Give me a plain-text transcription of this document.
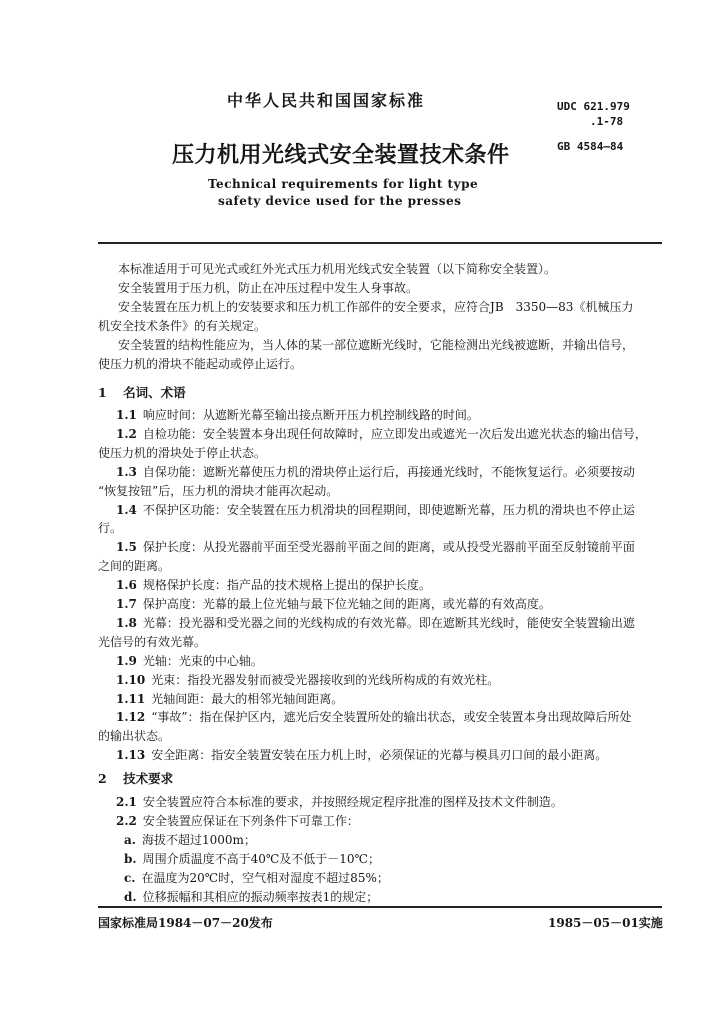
中华人民共和国国家标准	UDC 621.979
.1-78
GB 4584—84
压力机用光线式安全装置技术条件
Technical requirements for light type
safety device used for the presses
本标准适用于可见光式或红外光式压力机用光线式安全装置（以下简称安全装置）。
安全装置用于压力机，防止在冲压过程中发生人身事故。
安全装置在压力机上的安装要求和压力机工作部件的安全要求，应符合JB　3350—83《机械压力
机安全技术条件》的有关规定。
安全装置的结构性能应为，当人体的某一部位遮断光线时，它能检测出光线被遮断，并输出信号，
使压力机的滑块不能起动或停止运行。
1 名词、术语
1.1 响应时间：从遮断光幕至输出接点断开压力机控制线路的时间。
1.2 自检功能：安全装置本身出现任何故障时，应立即发出或遮光一次后发出遮光状态的输出信号，
使压力机的滑块处于停止状态。
1.3 自保功能：遮断光幕使压力机的滑块停止运行后，再接通光线时，不能恢复运行。必须要按动
“恢复按钮”后，压力机的滑块才能再次起动。
1.4 不保护区功能：安全装置在压力机滑块的回程期间，即使遮断光幕，压力机的滑块也不停止运
行。
1.5 保护长度：从投光器前平面至受光器前平面之间的距离，或从投受光器前平面至反射镜前平面
之间的距离。
1.6 规格保护长度：指产品的技术规格上提出的保护长度。
1.7 保护高度：光幕的最上位光轴与最下位光轴之间的距离，或光幕的有效高度。
1.8 光幕：投光器和受光器之间的光线构成的有效光幕。即在遮断其光线时，能使安全装置输出遮
光信号的有效光幕。
1.9 光轴：光束的中心轴。
1.10 光束：指投光器发射而被受光器接收到的光线所构成的有效光柱。
1.11 光轴间距：最大的相邻光轴间距离。
1.12 “事故”：指在保护区内，遮光后安全装置所处的输出状态，或安全装置本身出现故障后所处
的输出状态。
1.13 安全距离：指安全装置安装在压力机上时，必须保证的光幕与模具刃口间的最小距离。
2 技术要求
2.1 安全装置应符合本标准的要求，并按照经规定程序批准的图样及技术文件制造。
2.2 安全装置应保证在下列条件下可靠工作：
a. 海拔不超过1000m；
b. 周围介质温度不高于40℃及不低于－10℃；
c. 在温度为20℃时，空气相对湿度不超过85%；
d. 位移振幅和其相应的振动频率按表1的规定；
国家标准局1984－07－20发布	1985－05－01实施
